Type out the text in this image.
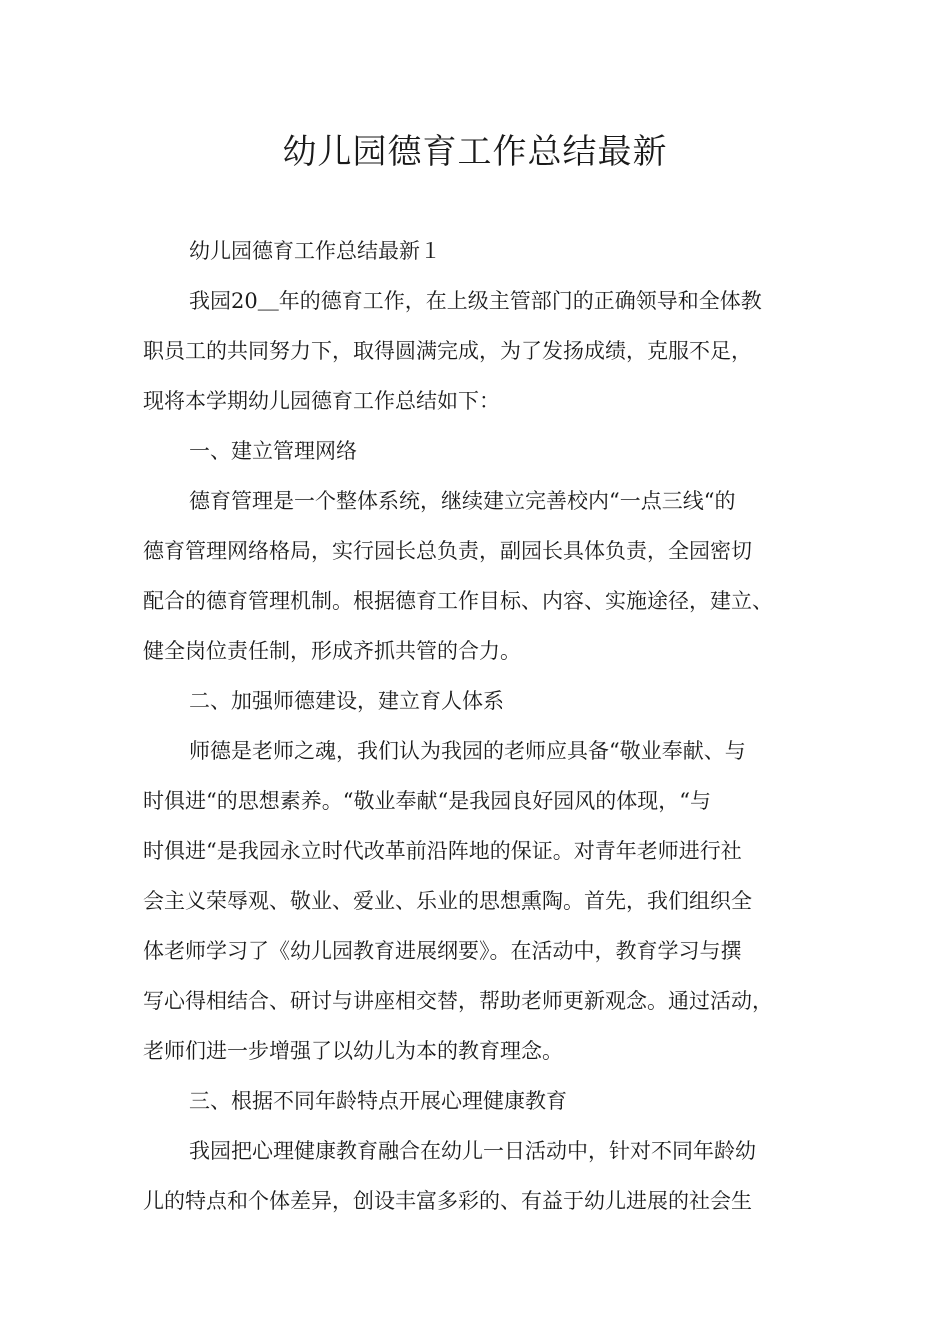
幼儿园德育工作总结最新
幼儿园德育工作总结最新１
我园20＿年的德育工作，在上级主管部门的正确领导和全体教
职员工的共同努力下，取得圆满完成，为了发扬成绩，克服不足，
现将本学期幼儿园德育工作总结如下：
一、建立管理网络
德育管理是一个整体系统，继续建立完善校内“一点三线“的
德育管理网络格局，实行园长总负责，副园长具体负责，全园密切
配合的德育管理机制。根据德育工作目标、内容、实施途径，建立、
健全岗位责任制，形成齐抓共管的合力。
二、加强师德建设，建立育人体系
师德是老师之魂，我们认为我园的老师应具备“敬业奉献、与
时俱进“的思想素养。“敬业奉献“是我园良好园风的体现，“与
时俱进“是我园永立时代改革前沿阵地的保证。对青年老师进行社
会主义荣辱观、敬业、爱业、乐业的思想熏陶。首先，我们组织全
体老师学习了《幼儿园教育进展纲要》。在活动中，教育学习与撰
写心得相结合、研讨与讲座相交替，帮助老师更新观念。通过活动，
老师们进一步增强了以幼儿为本的教育理念。
三、根据不同年龄特点开展心理健康教育
我园把心理健康教育融合在幼儿一日活动中，针对不同年龄幼
儿的特点和个体差异，创设丰富多彩的、有益于幼儿进展的社会生
